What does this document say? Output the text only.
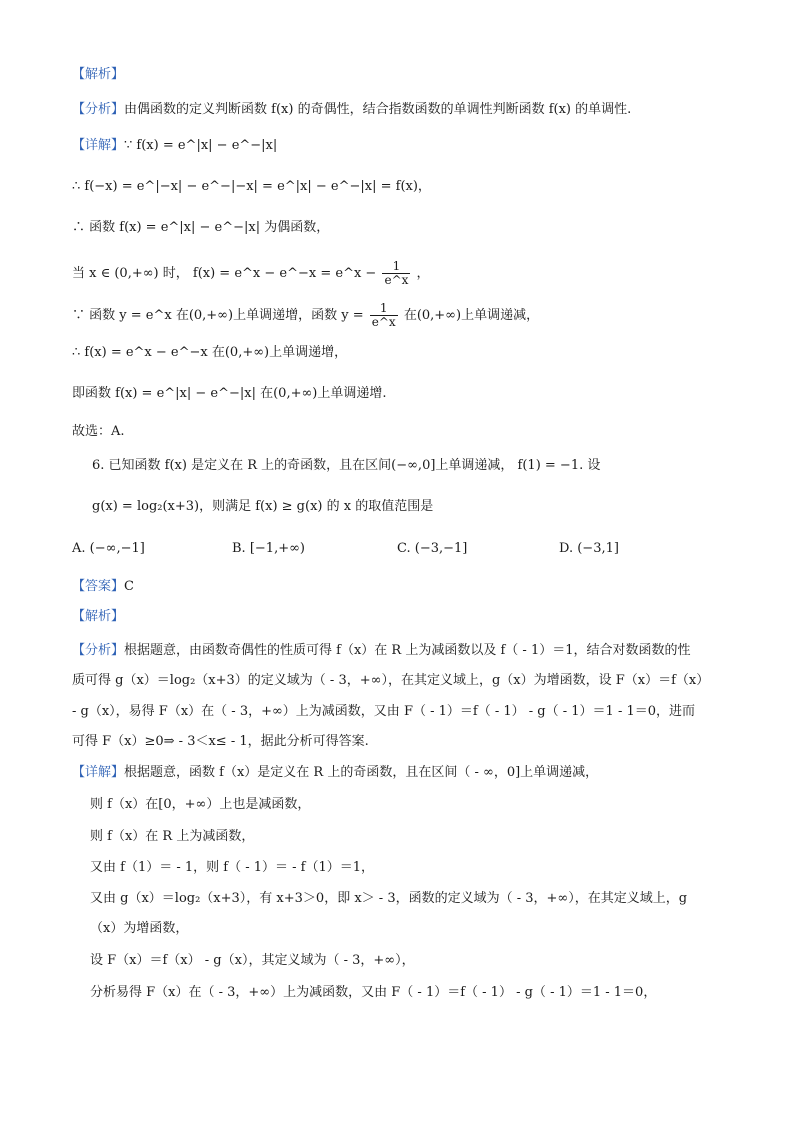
【解析】
【分析】由偶函数的定义判断函数 f(x) 的奇偶性，结合指数函数的单调性判断函数 f(x) 的单调性.
【详解】∵ f(x) = e^|x| − e^−|x|
∴ f(−x) = e^|−x| − e^−|−x| = e^|x| − e^−|x| = f(x)，
∴ 函数 f(x) = e^|x| − e^−|x| 为偶函数，
当 x ∈ (0,+∞) 时， f(x) = e^x − e^−x = e^x − $\frac{1}{e\^{}x}$ ，
∵ 函数 y = e^x 在(0,+∞)上单调递增，函数 $y = \frac{1}{e\^{}x}$ 在(0,+∞)上单调递减，
∴ f(x) = e^x − e^−x 在(0,+∞)上单调递增，
即函数 f(x) = e^|x| − e^−|x| 在(0,+∞)上单调递增.
故选：A.
6. 已知函数 f(x) 是定义在 R 上的奇函数，且在区间(−∞,0]上单调递减， f(1) = −1. 设
g(x) = log₂(x+3)，则满足 f(x) ≥ g(x) 的 x 的取值范围是
A. (−∞,−1]	B. [−1,+∞)	C. (−3,−1]	D. (−3,1]
【答案】C
【解析】
【分析】根据题意，由函数奇偶性的性质可得 f（x）在 R 上为减函数以及 f（ - 1）＝1，结合对数函数的性
质可得 g（x）＝log₂（x+3）的定义域为（ - 3，+∞），在其定义域上，g（x）为增函数，设 F（x）＝f（x）
- g（x），易得 F（x）在（ - 3，+∞）上为减函数，又由 F（ - 1）＝f（ - 1） - g（ - 1）＝1 - 1＝0，进而
可得 F（x）≥0⇒ - 3＜x≤ - 1，据此分析可得答案.
【详解】根据题意，函数 f（x）是定义在 R 上的奇函数，且在区间（ - ∞，0]上单调递减，
则 f（x）在[0，+∞）上也是减函数，
则 f（x）在 R 上为减函数，
又由 f（1）＝ - 1，则 f（ - 1）＝ - f（1）＝1，
又由 g（x）＝log₂（x+3），有 x+3＞0，即 x＞ - 3，函数的定义域为（ - 3，+∞），在其定义域上，g
（x）为增函数，
设 F（x）＝f（x） - g（x），其定义域为（ - 3，+∞），
分析易得 F（x）在（ - 3，+∞）上为减函数，又由 F（ - 1）＝f（ - 1） - g（ - 1）＝1 - 1＝0，
